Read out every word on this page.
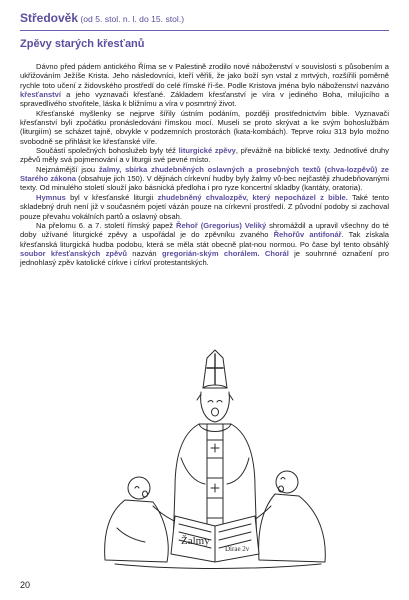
Středověk (od 5. stol. n. l. do 15. stol.)
Zpěvy starých křesťanů

Dávno před pádem antického Říma se v Palestině zrodilo nové náboženství v souvislosti s působením a ukřižováním Ježíše Krista. Jeho následovníci, kteří věřili, že jako boží syn vstal z mrtvých, rozšířili poměrně rychle toto učení z židovského prostředí do celé římské ří-še. Podle Kristova jména bylo náboženství nazváno křesťanství a jeho vyznavači křesťané. Základem křesťanství je víra v jediného Boha, milujícího a spravedlivého stvořitele, láska k bližnímu a víra v posmrtný život.

Křesťanské myšlenky se nejprve šířily ústním podáním, později prostřednictvím bible. Vyznavači křesťanství byli zpočátku pronásledováni římskou mocí. Museli se proto skrývat a ke svým bohoslužbám (liturgiím) se scházet tajně, obvykle v podzemních prostorách (kata-kombách). Teprve roku 313 bylo možno svobodně se přihlásit ke křesťanské víře.

Součástí společných bohoslužeb byly též liturgické zpěvy, převážně na biblické texty. Jednotlivé druhy zpěvů měly svá pojmenování a v liturgii své pevné místo.

Nejznámější jsou žalmy, sbírka zhudebněných oslavných a prosebných textů (chva-lozpěvů) ze Starého zákona (obsahuje jich 150). V dějinách církevní hudby byly žalmy vů-bec nejčastěji zhudebňovanými texty. Od minulého století slouží jako básnická předloha i pro ryze koncertní skladby (kantáty, oratoria).

Hymnus byl v křesťanské liturgii zhudebněný chvalozpěv, který nepocházel z bible. Také tento skladebný druh není již v současném pojetí vázán pouze na církevní prostředí. Z původní podoby si zachoval pouze převahu vokálních partů a oslavný obsah.

Na přelomu 6. a 7. století římský papež Řehoř (Gregorius) Veliký shromáždil a upravil všechny do té doby užívané liturgické zpěvy a uspořádal je do zpěvníku zvaného Řehořův antifonář. Tak získala křesťanská liturgická hudba podobu, která se měla stát obecně plat-nou normou. Po čase byl tento obsáhlý soubor křesťanských zpěvů nazván gregorián-ským chorálem. Chorál je souhrnné označení pro jednohlasý zpěv katolické církve i církví protestantských.

Žalmy
Dirae 2v
20
